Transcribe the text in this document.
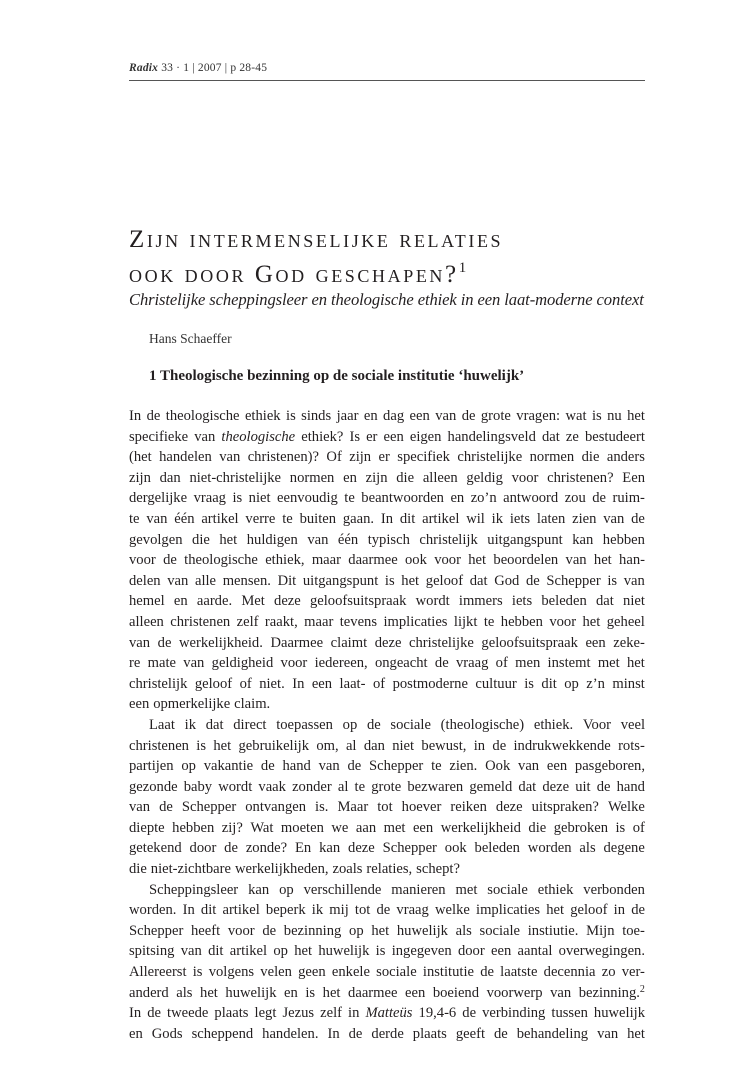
Radix 33 · 1 | 2007 | p 28-45
Zijn intermenselijke relaties
ook door God geschapen?$^1$
Christelijke scheppingsleer en theologische ethiek in een laat-moderne context
Hans Schaeffer
1 Theologische bezinning op de sociale institutie ‘huwelijk’
In de theologische ethiek is sinds jaar en dag een van de grote vragen: wat is nu het
specifieke van theologische ethiek? Is er een eigen handelingsveld dat ze bestudeert
(het handelen van christenen)? Of zijn er specifiek christelijke normen die anders
zijn dan niet-christelijke normen en zijn die alleen geldig voor christenen? Een
dergelijke vraag is niet eenvoudig te beantwoorden en zo’n antwoord zou de ruim-
te van één artikel verre te buiten gaan. In dit artikel wil ik iets laten zien van de
gevolgen die het huldigen van één typisch christelijk uitgangspunt kan hebben
voor de theologische ethiek, maar daarmee ook voor het beoordelen van het han-
delen van alle mensen. Dit uitgangspunt is het geloof dat God de Schepper is van
hemel en aarde. Met deze geloofsuitspraak wordt immers iets beleden dat niet
alleen christenen zelf raakt, maar tevens implicaties lijkt te hebben voor het geheel
van de werkelijkheid. Daarmee claimt deze christelijke geloofsuitspraak een zeke-
re mate van geldigheid voor iedereen, ongeacht de vraag of men instemt met het
christelijk geloof of niet. In een laat- of postmoderne cultuur is dit op z’n minst
een opmerkelijke claim.
Laat ik dat direct toepassen op de sociale (theologische) ethiek. Voor veel
christenen is het gebruikelijk om, al dan niet bewust, in de indrukwekkende rots-
partijen op vakantie de hand van de Schepper te zien. Ook van een pasgeboren,
gezonde baby wordt vaak zonder al te grote bezwaren gemeld dat deze uit de hand
van de Schepper ontvangen is. Maar tot hoever reiken deze uitspraken? Welke
diepte hebben zij? Wat moeten we aan met een werkelijkheid die gebroken is of
getekend door de zonde? En kan deze Schepper ook beleden worden als degene
die niet-zichtbare werkelijkheden, zoals relaties, schept?
Scheppingsleer kan op verschillende manieren met sociale ethiek verbonden
worden. In dit artikel beperk ik mij tot de vraag welke implicaties het geloof in de
Schepper heeft voor de bezinning op het huwelijk als sociale instiutie. Mijn toe-
spitsing van dit artikel op het huwelijk is ingegeven door een aantal overwegingen.
Allereerst is volgens velen geen enkele sociale institutie de laatste decennia zo ver-
anderd als het huwelijk en is het daarmee een boeiend voorwerp van bezinning.$^2$
In de tweede plaats legt Jezus zelf in Matteüs 19,4-6 de verbinding tussen huwelijk
en Gods scheppend handelen. In de derde plaats geeft de behandeling van het
